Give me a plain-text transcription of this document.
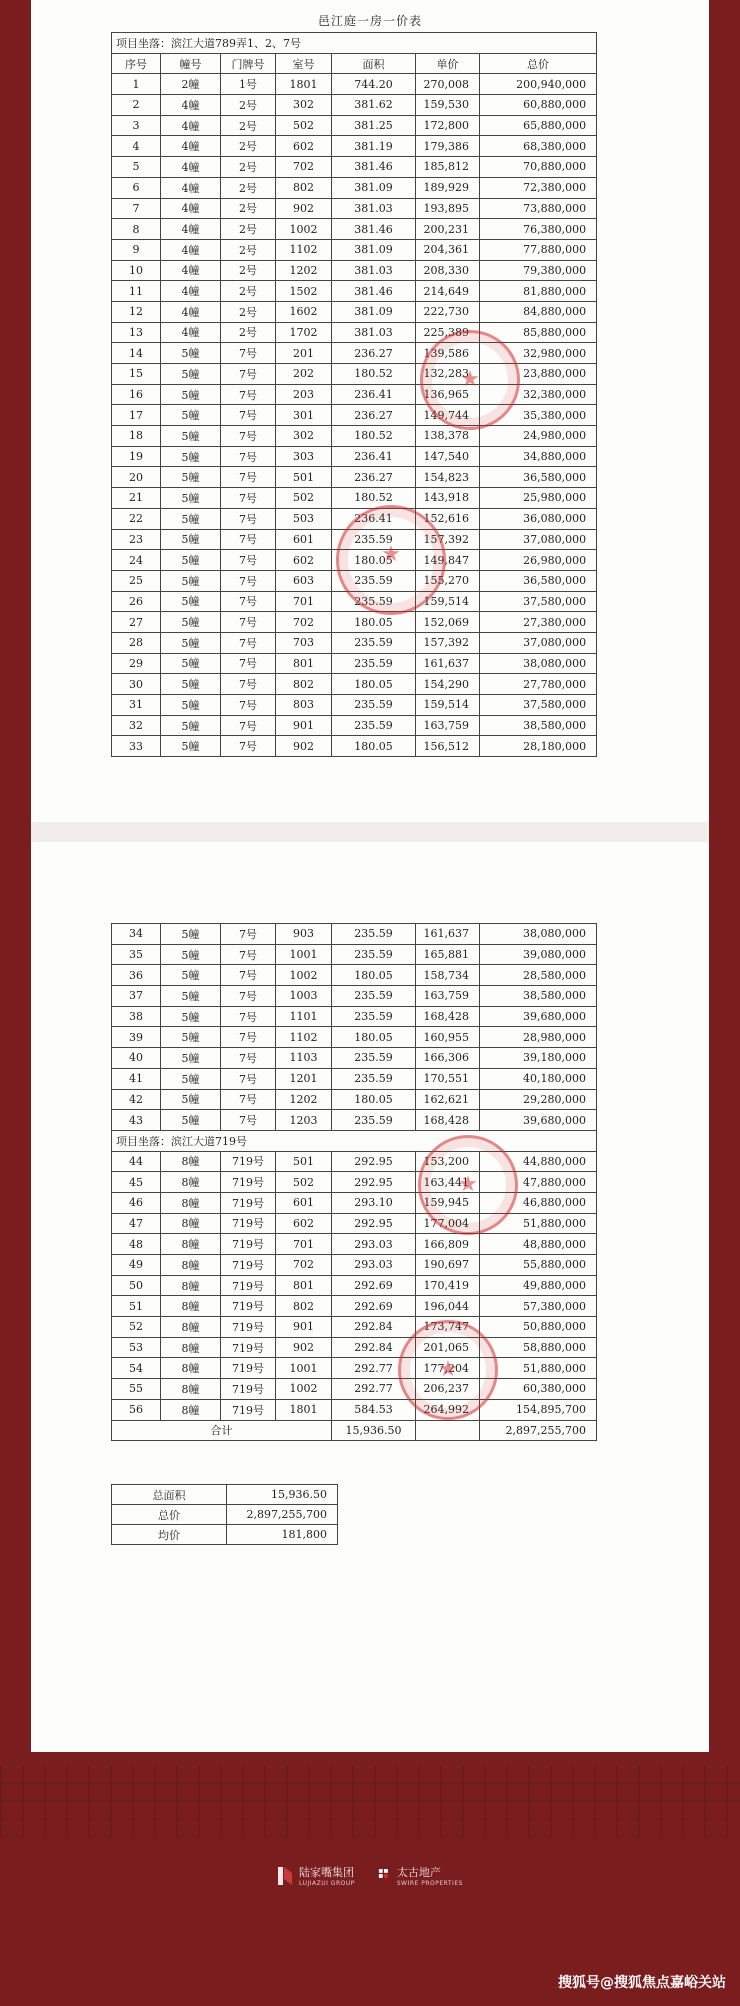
邑江庭一房一价表
项目坐落：滨江大道789弄1、2、7号						
序号	幢号	门牌号	室号	面积	单价	总价
1	2幢	1号	1801	744.20	270,008	200,940,000
2	4幢	2号	302	381.62	159,530	60,880,000
3	4幢	2号	502	381.25	172,800	65,880,000
4	4幢	2号	602	381.19	179,386	68,380,000
5	4幢	2号	702	381.46	185,812	70,880,000
6	4幢	2号	802	381.09	189,929	72,380,000
7	4幢	2号	902	381.03	193,895	73,880,000
8	4幢	2号	1002	381.46	200,231	76,380,000
9	4幢	2号	1102	381.09	204,361	77,880,000
10	4幢	2号	1202	381.03	208,330	79,380,000
11	4幢	2号	1502	381.46	214,649	81,880,000
12	4幢	2号	1602	381.09	222,730	84,880,000
13	4幢	2号	1702	381.03	225,389	85,880,000
14	5幢	7号	201	236.27	139,586	32,980,000
15	5幢	7号	202	180.52	132,283	23,880,000
16	5幢	7号	203	236.41	136,965	32,380,000
17	5幢	7号	301	236.27	149,744	35,380,000
18	5幢	7号	302	180.52	138,378	24,980,000
19	5幢	7号	303	236.41	147,540	34,880,000
20	5幢	7号	501	236.27	154,823	36,580,000
21	5幢	7号	502	180.52	143,918	25,980,000
22	5幢	7号	503	236.41	152,616	36,080,000
23	5幢	7号	601	235.59	157,392	37,080,000
24	5幢	7号	602	180.05	149,847	26,980,000
25	5幢	7号	603	235.59	155,270	36,580,000
26	5幢	7号	701	235.59	159,514	37,580,000
27	5幢	7号	702	180.05	152,069	27,380,000
28	5幢	7号	703	235.59	157,392	37,080,000
29	5幢	7号	801	235.59	161,637	38,080,000
30	5幢	7号	802	180.05	154,290	27,780,000
31	5幢	7号	803	235.59	159,514	37,580,000
32	5幢	7号	901	235.59	163,759	38,580,000
33	5幢	7号	902	180.05	156,512	28,180,000
34	5幢	7号	903	235.59	161,637	38,080,000
35	5幢	7号	1001	235.59	165,881	39,080,000
36	5幢	7号	1002	180.05	158,734	28,580,000
37	5幢	7号	1003	235.59	163,759	38,580,000
38	5幢	7号	1101	235.59	168,428	39,680,000
39	5幢	7号	1102	180.05	160,955	28,980,000
40	5幢	7号	1103	235.59	166,306	39,180,000
41	5幢	7号	1201	235.59	170,551	40,180,000
42	5幢	7号	1202	180.05	162,621	29,280,000
43	5幢	7号	1203	235.59	168,428	39,680,000
项目坐落：滨江大道719号						
44	8幢	719号	501	292.95	153,200	44,880,000
45	8幢	719号	502	292.95	163,441	47,880,000
46	8幢	719号	601	293.10	159,945	46,880,000
47	8幢	719号	602	292.95	177,004	51,880,000
48	8幢	719号	701	293.03	166,809	48,880,000
49	8幢	719号	702	293.03	190,697	55,880,000
50	8幢	719号	801	292.69	170,419	49,880,000
51	8幢	719号	802	292.69	196,044	57,380,000
52	8幢	719号	901	292.84	173,747	50,880,000
53	8幢	719号	902	292.84	201,065	58,880,000
54	8幢	719号	1001	292.77	177,204	51,880,000
55	8幢	719号	1002	292.77	206,237	60,380,000
56	8幢	719号	1801	584.53	264,992	154,895,700
合计				15,936.50		2,897,255,700
总面积	15,936.50
总价	2,897,255,700
均价	181,800
★
★
★
★
陆家嘴集团
LUJIAZUI GROUP
太古地产
SWIRE PROPERTIES
搜狐号@搜狐焦点嘉峪关站
